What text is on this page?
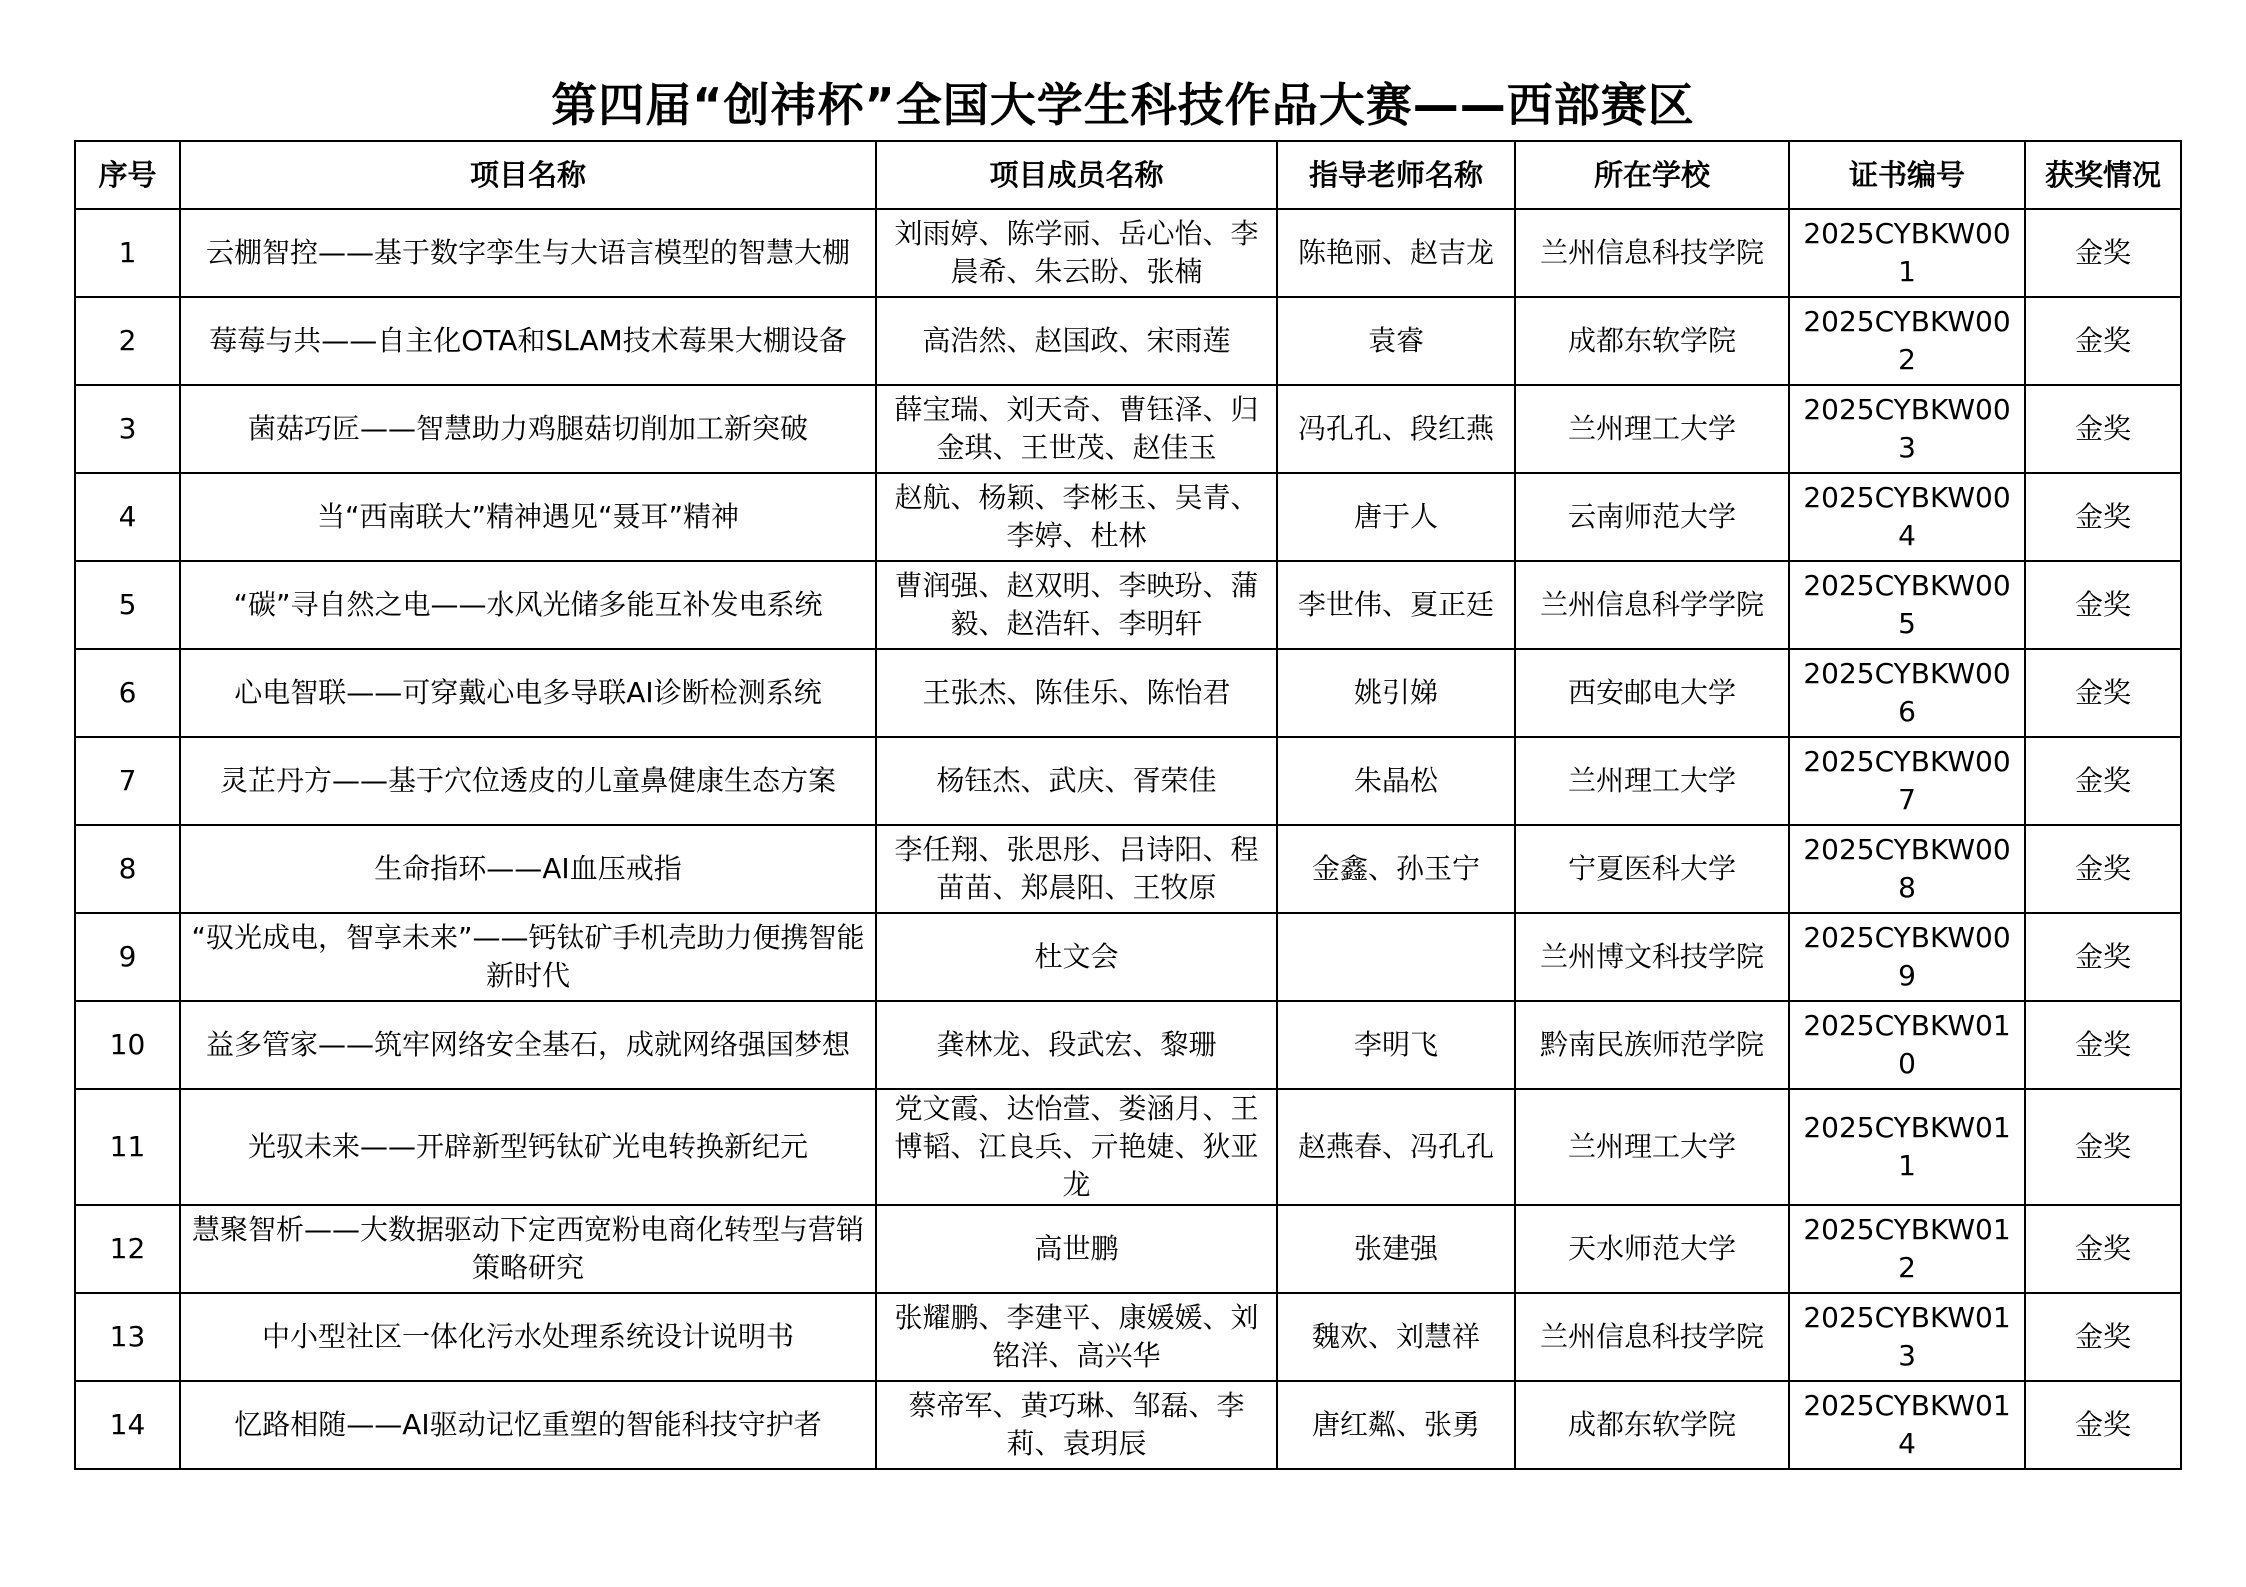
第四届“创祎杯”全国大学生科技作品大赛——西部赛区
序号	项目名称	项目成员名称	指导老师名称	所在学校	证书编号	获奖情况
1	云棚智控——基于数字孪生与大语言模型的智慧大棚	刘雨婷、陈学丽、岳心怡、李晨希、朱云盼、张楠	陈艳丽、赵吉龙	兰州信息科技学院	2025CYBKW001	金奖
2	莓莓与共——自主化OTA和SLAM技术莓果大棚设备	高浩然、赵国政、宋雨莲	袁睿	成都东软学院	2025CYBKW002	金奖
3	菌菇巧匠——智慧助力鸡腿菇切削加工新突破	薛宝瑞、刘天奇、曹钰泽、归金琪、王世茂、赵佳玉	冯孔孔、段红燕	兰州理工大学	2025CYBKW003	金奖
4	当“西南联大”精神遇见“聂耳”精神	赵航、杨颖、李彬玉、吴青、李婷、杜林	唐于人	云南师范大学	2025CYBKW004	金奖
5	“碳”寻自然之电——水风光储多能互补发电系统	曹润强、赵双明、李映玢、蒲毅、赵浩轩、李明轩	李世伟、夏正廷	兰州信息科学学院	2025CYBKW005	金奖
6	心电智联——可穿戴心电多导联AI诊断检测系统	王张杰、陈佳乐、陈怡君	姚引娣	西安邮电大学	2025CYBKW006	金奖
7	灵芷丹方——基于穴位透皮的儿童鼻健康生态方案	杨钰杰、武庆、胥荣佳	朱晶松	兰州理工大学	2025CYBKW007	金奖
8	生命指环——AI血压戒指	李任翔、张思彤、吕诗阳、程苗苗、郑晨阳、王牧原	金鑫、孙玉宁	宁夏医科大学	2025CYBKW008	金奖
9	“驭光成电，智享未来”——钙钛矿手机壳助力便携智能新时代	杜文会		兰州博文科技学院	2025CYBKW009	金奖
10	益多管家——筑牢网络安全基石，成就网络强国梦想	龚林龙、段武宏、黎珊	李明飞	黔南民族师范学院	2025CYBKW010	金奖
11	光驭未来——开辟新型钙钛矿光电转换新纪元	党文霞、达怡萱、娄涵月、王博韬、江良兵、亓艳婕、狄亚龙	赵燕春、冯孔孔	兰州理工大学	2025CYBKW011	金奖
12	慧聚智析——大数据驱动下定西宽粉电商化转型与营销策略研究	高世鹏	张建强	天水师范大学	2025CYBKW012	金奖
13	中小型社区一体化污水处理系统设计说明书	张耀鹏、李建平、康媛媛、刘铭洋、高兴华	魏欢、刘慧祥	兰州信息科技学院	2025CYBKW013	金奖
14	忆路相随——AI驱动记忆重塑的智能科技守护者	蔡帝军、黄巧琳、邹磊、李莉、袁玥辰	唐红粼、张勇	成都东软学院	2025CYBKW014	金奖
